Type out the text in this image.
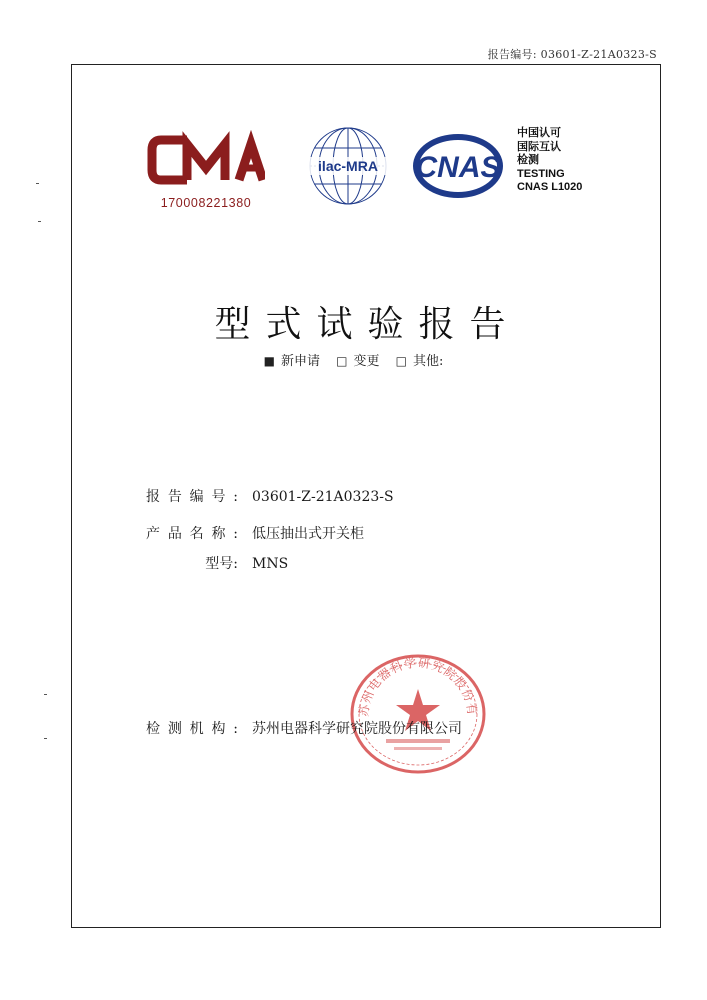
报告编号: 03601-Z-21A0323-S
170008221380
ilac-MRA CNAS
中国认可
国际互认
检测
TESTING
CNAS L1020
型式试验报告
■ 新申请 □ 变更 □ 其他:
报告编号: 03601-Z-21A0323-S
产品名称: 低压抽出式开关柜
型号: MNS
苏州电器科学研究院股份有
检测机构: 苏州电器科学研究院股份有限公司
